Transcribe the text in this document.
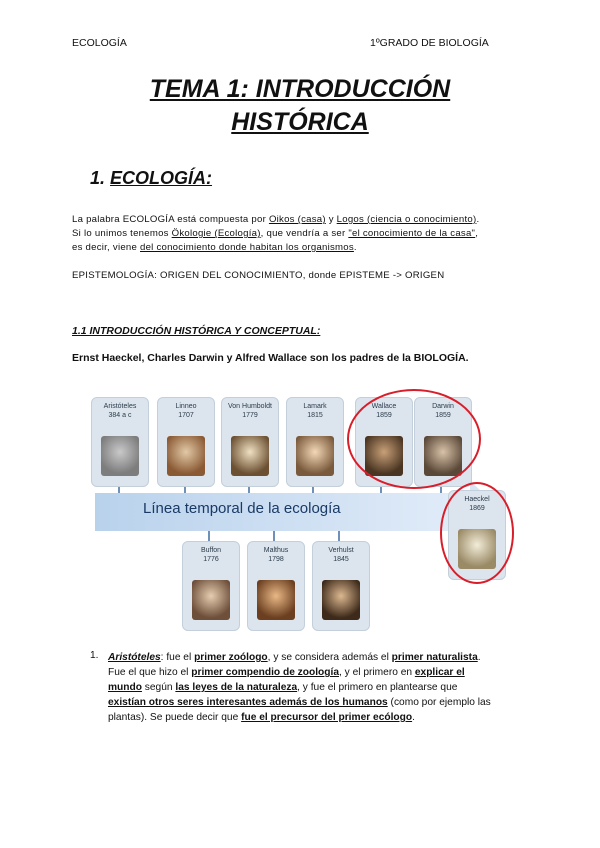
ECOLOGÍA	1ºGRADO DE BIOLOGÍA
TEMA 1: INTRODUCCIÓN
HISTÓRICA
1. ECOLOGÍA:
La palabra ECOLOGÍA está compuesta por Oikos (casa) y Logos (ciencia o conocimiento).
Si lo unimos tenemos Ökologie (Ecología), que vendría a ser "el conocimiento de la casa",
es decir, viene del conocimiento donde habitan los organismos.
EPISTEMOLOGÍA: ORIGEN DEL CONOCIMIENTO, donde EPISTEME -> ORIGEN
1.1 INTRODUCCIÓN HISTÓRICA Y CONCEPTUAL:
Ernst Haeckel, Charles Darwin y Alfred Wallace son los padres de la BIOLOGÍA.
Línea temporal de la ecología
Aristóteles
384 a c
Linneo
1707
Von Humboldt
1779
Lamark
1815
Wallace
1859
Darwin
1859
Buffon
1776
Malthus
1798
Verhulst
1845
Haeckel
1869
1. Aristóteles: fue el primer zoólogo, y se considera además el primer naturalista.
Fue el que hizo el primer compendio de zoología, y el primero en explicar el
mundo según las leyes de la naturaleza, y fue el primero en plantearse que
existían otros seres interesantes además de los humanos (como por ejemplo las
plantas). Se puede decir que fue el precursor del primer ecólogo.
